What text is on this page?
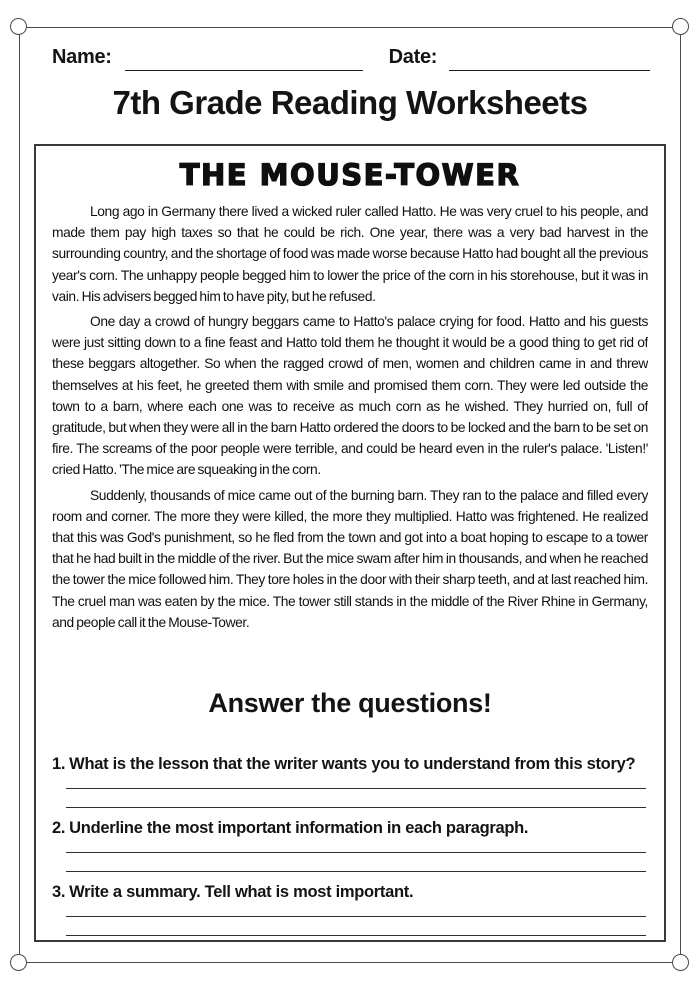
Name:	Date:
7th Grade Reading Worksheets
THE MOUSE-TOWER

Long ago in Germany there lived a wicked ruler called Hatto. He was very cruel to his people, and made them pay high taxes so that he could be rich. One year, there was a very bad harvest in the surrounding country, and the shortage of food was made worse because Hatto had bought all the previous year's corn. The unhappy people begged him to lower the price of the corn in his storehouse, but it was in vain. His advisers begged him to have pity, but he refused.

One day a crowd of hungry beggars came to Hatto's palace crying for food. Hatto and his guests were just sitting down to a fine feast and Hatto told them he thought it would be a good thing to get rid of these beggars altogether. So when the ragged crowd of men, women and children came in and threw themselves at his feet, he greeted them with smile and promised them corn. They were led outside the town to a barn, where each one was to receive as much corn as he wished. They hurried on, full of gratitude, but when they were all in the barn Hatto ordered the doors to be locked and the barn to be set on fire. The screams of the poor people were terrible, and could be heard even in the ruler's palace. 'Listen!' cried Hatto. 'The mice are squeaking in the corn.

Suddenly, thousands of mice came out of the burning barn. They ran to the palace and filled every room and corner. The more they were killed, the more they multiplied. Hatto was frightened. He realized that this was God's punishment, so he fled from the town and got into a boat hoping to escape to a tower that he had built in the middle of the river. But the mice swam after him in thousands, and when he reached the tower the mice followed him. They tore holes in the door with their sharp teeth, and at last reached him. The cruel man was eaten by the mice. The tower still stands in the middle of the River Rhine in Germany, and people call it the Mouse-Tower.

Answer the questions!
1. What is the lesson that the writer wants you to understand from this story?
2. Underline the most important information in each paragraph.
3. Write a summary. Tell what is most important.
